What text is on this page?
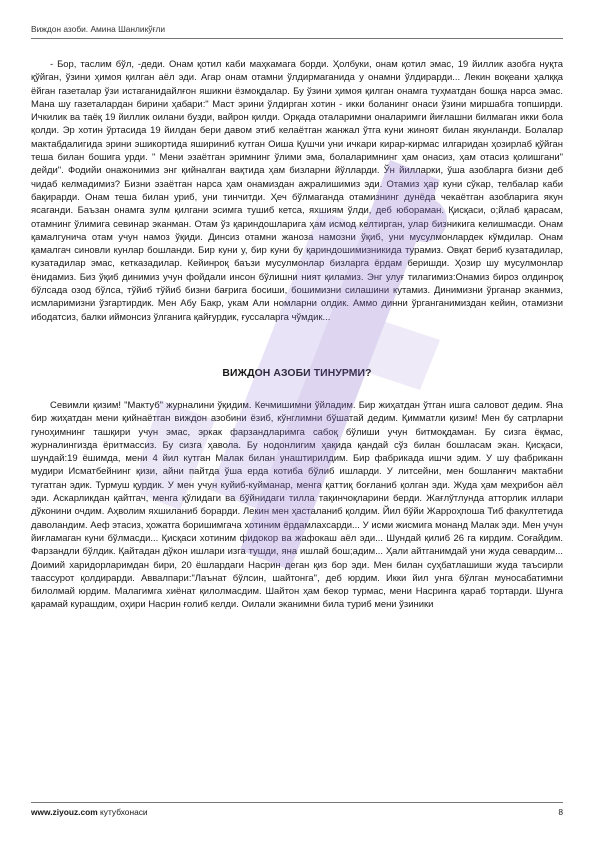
Виждон азоби. Амина Шанликўғли

- Бор, таслим бўл, -деди. Онам қотил каби маҳкамага борди. Ҳолбуки, онам қотил эмас, 19 йиллик азобга нуқта қўйган, ўзини ҳимоя қилган аёл эди. Агар онам отамни ўлдирмаганида у онамни ўлдирарди... Лекин воқеани ҳалққа ёйган газеталар ўзи истаганидайлғон яшикни ёзмоқдалар. Бу ўзини ҳимоя қилган онамга туҳматдан бошқа нарса эмас. Мана шу газеталардан бирини ҳабари:" Маст эрини ўлдирган хотин - икки боланинг онаси ўзини миршабга топширди. Ичкилик ва таёқ 19 йиллик оилани бузди, вайрон қилди. Орқада оталаримни оналаримги йиғлашни билмаган икки бола қолди. Эр хотин ўртасида 19 йилдан бери давом этиб келаётган жанжал ўтга куни жиноят билан якунланди. Болалар мактабдалигида эрини эшикортида яшириниб кутган Оиша Қушчи уни ичкари кирар-кирмас илгаридан ҳозирлаб қўйган теша билан бошига урди. " Мени эзаётган эримнинг ўлими эма, болаларимнинг ҳам онасиз, ҳам отасиз қолишгани" дейди". Фодийи онажонимиз энг қийналган вақтида ҳам бизларни йўлларди. Ўн йилларки, ўша азобларга бизни деб чидаб келмадимиз? Бизни эзаётган нарса ҳам онамиздан ажралишимиз эди. Отамиз ҳар куни сўкар, телбалар каби бақирарди. Онам теша билан уриб, уни тинчитди. Ҳеч бўлмаганда отамизнинг дунёда чекаётган азобларига якун ясаганди. Баъзан онамга зулм қилгани эсимга тушиб кетса, яхшиям ўлди, деб юбораман. Қисқаси, о;йлаб қарасам, отамнинг ўлимига севинар эканман. Отам ўз қариндошларига ҳам исмод келтирган, улар бизникига келишмасди. Онам қамалгунича отам учун намоз ўқиди. Динсиз отамни жаноза намозни ўқиб, уни мусулмонлардек кўмдилар. Онам қамалгач синовли кунлар бошланди. Бир куни у, бир куни бу қариндошимизникида турамиз. Овқат бериб кузатадилар, кузатадилар эмас, кетказадилар. Кейинроқ баъзи мусулмонлар бизларга ёрдам беришди. Ҳозир шу мусулмонлар ёнидамиз. Биз ўқиб динимиз учун фойдали инсон бўлишни ният қиламиз. Энг улуғ тилагимиз:Онамиз бироз олдинроқ бўлсада озод бўлса, тўйиб тўйиб бизни бағрига босиши, бошимизни силашини кутамиз. Динимизни ўрганар эканмиз, исмларимизни ўзгартирдик. Мен Абу Бакр, укам Али номларни олдик. Аммо динни ўрганганимиздан кейин, отамизни ибодатсиз, балки иймонсиз ўлганига қайғурдик, ғуссаларга чўмдик...

ВИЖДОН АЗОБИ ТИНУРМИ?

Севимли қизим! "Мактуб" журналини ўқидим. Кечмишимни ўйладим. Бир жиҳатдан ўтган ишга саловот дедим. Яна бир жиҳатдан мени қийнаётган виждон азобини ёзиб, кўнглимни бўшатай дедим. Қимматли қизим! Мен бу сатрларни гуноҳимнинг ташқири учун эмас, эркак фарзандларимга сабоқ бўлиши учун битмоқдаман. Бу сизга ёқмас, журналингизда ёритмассиз. Бу сизга ҳавола. Бу нодонлигим ҳақида қандай сўз билан бошласам экан. Қисқаси, шундай:19 ёшимда, мени 4 йил кутган Малак билан унаштирилдим. Бир фабрикада ишчи эдим. У шу фабриканн мудири Исматбейнинг қизи, айни пайтда ўша ерда котиба бўлиб ишларди. У литсейни, мен бошланғич мактабни тугатган эдик. Турмуш қурдик. У мен учун куйиб-куйманар, менга қаттиқ боғланиб қолган эди. Жуда ҳам меҳрибон аёл эди. Аскарликдан қайтгач, менга қўлидаги ва бўйнидаги тилла тақинчоқларини берди. Жағлўтлунда атторлик иллари дўконини очдим. Аҳволим яхшиланиб борарди. Лекин мен ҳасталаниб қолдим. Йил бўйи Жарроҳпоша Тиб факултетида даволандим. Аеф этасиз, ҳожатга боришимгача хотиним ёрдамлахсарди... У исми жисмига монанд Малак эди. Мен учун йиғламаган куни бўлмасди... Қисқаси хотиним фидокор ва жафокаш аёл эди... Шундай қилиб 26 га кирдим. Соғайдим. Фарзандли бўлдик. Қайтадан дўкон ишлари изга тушди, яна ишлай бош;адим... Ҳали айтганимдай уни жуда севардим... Доимий харидорларимдан бири, 20 ёшлардаги Насрин деган қиз бор эди. Мен билан суҳбатлашиши жуда таъсирли таассурот қолдирарди. Аввалпари:"Лаънат бўлсин, шайтонга", деб юрдим. Икки йил унга бўлган муносабатимни билолмай юрдим. Малагимга хиёнат қилолмасдим. Шайтон ҳам бекор турмас, мени Насринга қараб тортарди. Шунга қарамай курашдим, оҳири Насрин ғолиб келди. Оилали эканимни била туриб мени ўзиники

www.ziyouz.com кутубхонаси	8
